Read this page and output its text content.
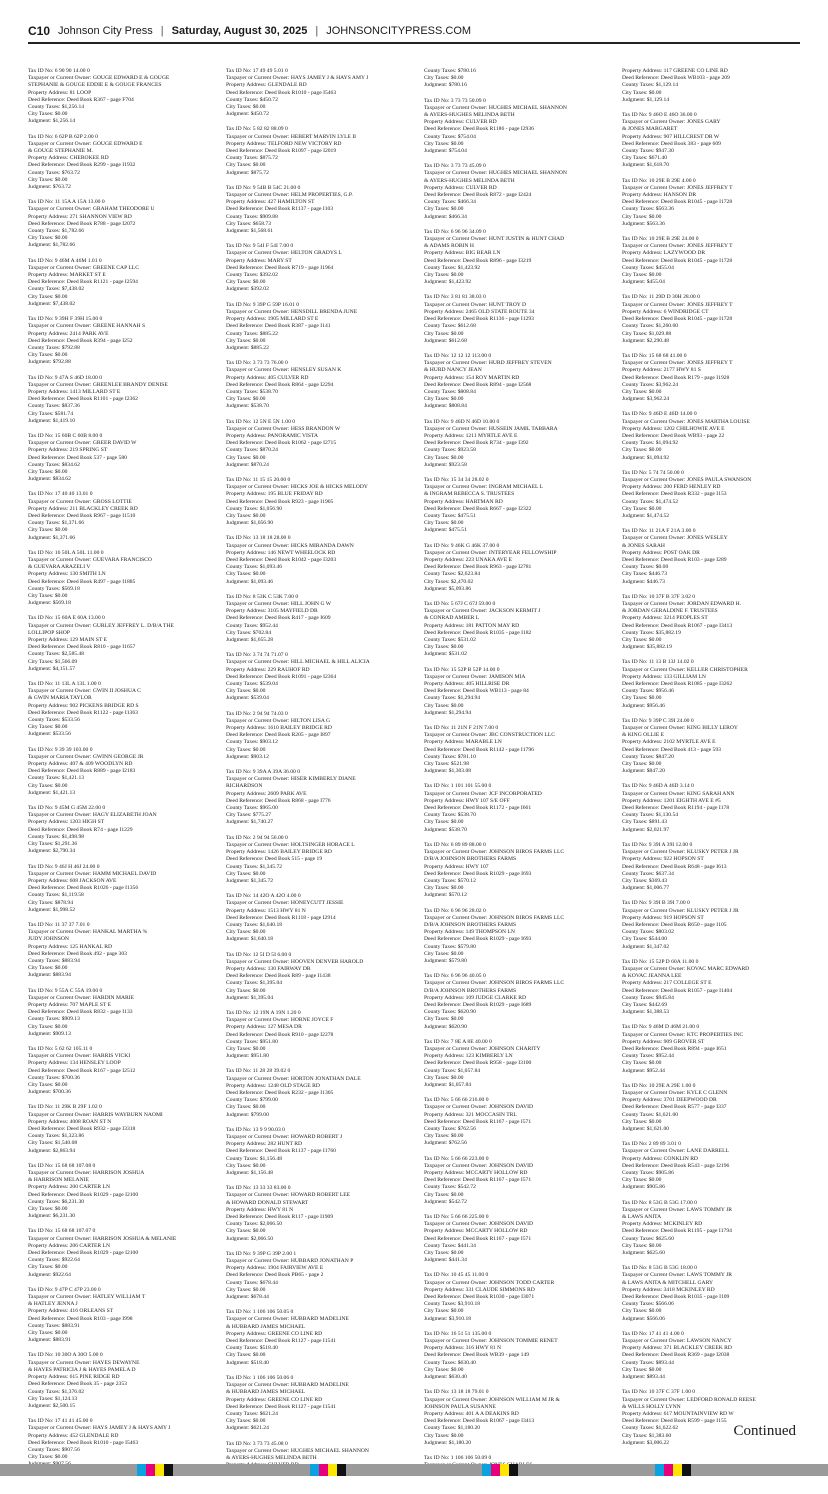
C10 Johnson City Press | Saturday, August 30, 2025 | JOHNSONCITYPRESS.COM
Tax ID No: 6 90 90 14.00 0
Taxpayer or Current Owner: GOUGE EDWARD E & GOUGE
STEPHANIE & GOUGE EDDIE E & GOUGE FRANCES
Property Address: 81 LOOP
Deed Reference: Deed Book R367 - page F704
County Taxes: $1,256.14
City Taxes: $0.00
Judgment: $1,256.14
Tax ID No: 6 62P B 62P 2.00 0
Taxpayer or Current Owner: GOUGE EDWARD E
& GOUGE STEPHANIE M.
Property Address: CHEROKEE RD
Deed Reference: Deed Book R299 - page I1932
County Taxes: $763.72
City Taxes: $0.00
Judgment: $763.72
Tax ID No: 11 15A A 15A 13.00 0
Taxpayer or Current Owner: GRAHAM THEODORE U
Property Address: 271 SHANNON VIEW RD
Deed Reference: Deed Book R788 - page I2072
County Taxes: $1,782.66
City Taxes: $0.00
Judgment: $1,782.66
Tax ID No: 9 46M A 46M 1.01 0
Taxpayer or Current Owner: GREENE CAP LLC
Property Address: MARKET ST E
Deed Reference: Deed Book R1121 - page I2594
County Taxes: $7,438.02
City Taxes: $0.00
Judgment: $7,438.02
Tax ID No: 9 39H F 39H 15.00 0
Taxpayer or Current Owner: GREENE HANNAH S
Property Address: 2414 PARK AVE
Deed Reference: Deed Book R394 - page I252
County Taxes: $792.88
City Taxes: $0.00
Judgment: $792.88
Tax ID No: 9 47A S 46D 18.00 0
Taxpayer or Current Owner: GREENLEE BRANDY DENISE
Property Address: 1413 MILLARD ST E
Deed Reference: Deed Book R1101 - page I2362
County Taxes: $837.36
City Taxes: $581.74
Judgment: $1,419.10
Tax ID No: 15 60B C 60B 8.00 0
Taxpayer or Current Owner: GREER DAVID W
Property Address: 219 SPRING ST
Deed Reference: Deed Book 537 - page 580
County Taxes: $834.62
City Taxes: $0.00
Judgment: $834.62
Tax ID No: 17 40 40 13.01 0
Taxpayer or Current Owner: GROSS LOTTIE
Property Address: 211 BLACKLEY CREEK RD
Deed Reference: Deed Book R967 - page I1510
County Taxes: $1,371.66
City Taxes: $0.00
Judgment: $1,371.66
Tax ID No: 16 50L A 50L 11.00 0
Taxpayer or Current Owner: GUEVARA FRANCISCO
& GUEVARA ARAZELI V
Property Address: 130 SMITH LN
Deed Reference: Deed Book R497 - page I1885
County Taxes: $569.18
City Taxes: $0.00
Judgment: $569.18
Tax ID No: 15 60A E 60A 13.00 0
Taxpayer or Current Owner: GURLEY JEFFREY L. D/B/A THE
LOLLIPOP SHOP
Property Address: 129 MAIN ST E
Deed Reference: Deed Book R810 - page I1657
County Taxes: $2,585.48
City Taxes: $1,566.09
Judgment: $4,151.57
Tax ID No: 11 13L A 13L 1.00 0
Taxpayer or Current Owner: GWIN II JOSHUA C
& GWIN MARIA TAYLOR
Property Address: 902 PICKENS BRIDGE RD S
Deed Reference: Deed Book R1122 - page I1363
County Taxes: $533.56
City Taxes: $0.00
Judgment: $533.56
Tax ID No: 9 39 39 103.00 0
Taxpayer or Current Owner: GWINN GEORGE JR
Property Address: 407 & 409 WOODLYN RD
Deed Reference: Deed Book R889 - page I2183
County Taxes: $1,421.13
City Taxes: $0.00
Judgment: $1,421.13
Tax ID No: 9 45M G 45M 22.00 0
Taxpayer or Current Owner: HAGY ELIZABETH JOAN
Property Address: 1203 HIGH ST
Deed Reference: Deed Book R74 - page I1229
County Taxes: $1,498.98
City Taxes: $1,291.36
Judgment: $2,790.34
Tax ID No: 9 46J H 46J 24.00 0
Taxpayer or Current Owner: HAMM MICHAEL DAVID
Property Address: 608 JACKSON AVE
Deed Reference: Deed Book R1026 - page I1356
County Taxes: $1,119.58
City Taxes: $878.94
Judgment: $1,998.52
Tax ID No: 11 37 37 7.01 0
Taxpayer or Current Owner: HANKAL MARTHA %
JUDY JOHNSON
Property Address: 125 HANKAL RD
Deed Reference: Deed Book 492 - page 303
County Taxes: $883.94
City Taxes: $0.00
Judgment: $883.94
Tax ID No: 9 55A C 55A 19.00 0
Taxpayer or Current Owner: HARDIN MARIE
Property Address: 707 MAPLE ST E
Deed Reference: Deed Book R832 - page I133
County Taxes: $909.13
City Taxes: $0.00
Judgment: $909.13
Tax ID No: 5 62 62 105.11 0
Taxpayer or Current Owner: HARRIS VICKI
Property Address: 134 HENSLEY LOOP
Deed Reference: Deed Book R167 - page I2512
County Taxes: $700.36
City Taxes: $0.00
Judgment: $700.36
Tax ID No: 11 29K B 29F 1.02 0
Taxpayer or Current Owner: HARRIS WAYBURN NAOMI
Property Address: 4008 ROAN ST N
Deed Reference: Deed Book R932 - page I3318
County Taxes: $1,323.86
City Taxes: $1,540.08
Judgment: $2,863.94
Tax ID No: 15 68 68 107.08 0
Taxpayer or Current Owner: HARRISON JOSHUA
& HARRISON MELANIE
Property Address: 200 CARTER LN
Deed Reference: Deed Book R1029 - page I2100
County Taxes: $6,231.30
City Taxes: $0.00
Judgment: $6,231.30
Tax ID No: 15 68 68 107.07 0
Taxpayer or Current Owner: HARRISON JOSHUA & MELANIE
Property Address: 206 CARTER LN
Deed Reference: Deed Book R1029 - page I2100
County Taxes: $922.64
City Taxes: $0.00
Judgment: $922.64
Tax ID No: 9 47P C 47P 23.00 0
Taxpayer or Current Owner: HATLEY WILLIAM T
& HATLEY JENNA J
Property Address: 416 ORLEANS ST
Deed Reference: Deed Book R103 - page I998
County Taxes: $883.91
City Taxes: $0.00
Judgment: $883.91
Tax ID No: 10 30O A 30O 5.00 0
Taxpayer or Current Owner: HAYES DEWAYNE
& HAYES PATRICIA J & HAYES PAMELA D
Property Address: 615 PINE RIDGE RD
Deed Reference: Deed Book 35 - page 2353
County Taxes: $1,376.02
City Taxes: $1,124.13
Judgment: $2,500.15
Tax ID No: 17 41 41 45.00 0
Taxpayer or Current Owner: HAYS JAMEY J & HAYS AMY J
Property Address: 452 GLENDALE RD
Deed Reference: Deed Book R1010 - page I5463
County Taxes: $907.56
City Taxes: $0.00
Tax ID No: 17 49 49 5.01 0
Taxpayer or Current Owner: HAYS JAMEY J & HAYS AMY J
Property Address: GLENDALE RD
Deed Reference: Deed Book R1010 - page I5463
County Taxes: $450.72
City Taxes: $0.00
Judgment: $450.72
Tax ID No: 5 82 82 88.09 0
Taxpayer or Current Owner: HEBERT MARVIN LYLE II
Property Address: TELFORD NEW VICTORY RD
Deed Reference: Deed Book R1097 - page I2019
County Taxes: $875.72
City Taxes: $0.00
Judgment: $875.72
Tax ID No: 9 54B B 54C 21.00 0
Taxpayer or Current Owner: HELM PROPERTIES, G.P.
Property Address: 427 HAMILTON ST
Deed Reference: Deed Book R1137 - page I103
County Taxes: $909.88
City Taxes: $658.73
Judgment: $1,568.61
Tax ID No: 9 54I F 54I 7.00 0
Taxpayer or Current Owner: HELTON GRADYS L
Property Address: MARY ST
Deed Reference: Deed Book R719 - page I1964
County Taxes: $392.02
City Taxes: $0.00
Judgment: $392.02
Tax ID No: 9 39P G 59P 16.01 0
Taxpayer or Current Owner: HENSDILL BRENDA JUNE
Property Address: 1905 MILLARD ST E
Deed Reference: Deed Book R387 - page I141
County Taxes: $885.22
City Taxes: $0.00
Judgment: $885.22
Tax ID No: 3 73 73 76.00 0
Taxpayer or Current Owner: HENSLEY SUSAN K
Property Address: 405 CULVER RD
Deed Reference: Deed Book R864 - page I2294
County Taxes: $538.70
City Taxes: $0.00
Judgment: $538.70
Tax ID No: 12 5N E 5N 1.00 0
Taxpayer or Current Owner: HESS BRANDON W
Property Address: PANORAMIC VISTA
Deed Reference: Deed Book R1062 - page I2715
County Taxes: $870.24
City Taxes: $0.00
Judgment: $870.24
Tax ID No: 11 15 15 20.00 0
Taxpayer or Current Owner: HICKS JOE & HICKS MELODY
Property Address: 195 BLUE FRIDAY RD
Deed Reference: Deed Book R923 - page I1905
County Taxes: $1,056.90
City Taxes: $0.00
Judgment: $1,056.90
Tax ID No: 13 18 18 28.00 0
Taxpayer or Current Owner: HICKS MIRANDA DAWN
Property Address: 146 NEWT WHEELOCK RD
Deed Reference: Deed Book R1042 - page I3203
County Taxes: $1,093.46
City Taxes: $0.00
Judgment: $1,093.46
Tax ID No: 8 53K C 53K 7.00 0
Taxpayer or Current Owner: HILL JOHN G W
Property Address: 3105 MAYFIELD DR
Deed Reference: Deed Book R417 - page I609
County Taxes: $952.44
City Taxes: $702.84
Judgment: $1,655.28
Tax ID No: 3 74 74 71.07 0
Taxpayer or Current Owner: HILL MICHAEL & HILL ALICIA
Property Address: 229 RAUHOF RD
Deed Reference: Deed Book R1091 - page I2364
County Taxes: $539.04
City Taxes: $0.00
Judgment: $539.04
Tax ID No: 2 94 94 74.03 0
Taxpayer or Current Owner: HILTON LISA G
Property Address: 1610 BAILEY BRIDGE RD
Deed Reference: Deed Book R205 - page I897
County Taxes: $903.12
City Taxes: $0.00
Judgment: $903.12
Tax ID No: 9 39A A 39A 36.00 0
Taxpayer or Current Owner: HISER KIMBERLY DIANE
RICHARDSON
Property Address: 2609 PARK AVE
Deed Reference: Deed Book R868 - page I776
County Taxes: $965.00
City Taxes: $775.27
Judgment: $1,740.27
Tax ID No: 2 94 94 56.00 0
Taxpayer or Current Owner: HOLTSINGER HORACE L
Property Address: 1426 BAILEY BRIDGE RD
Deed Reference: Deed Book 515 - page 19
County Taxes: $1,345.72
City Taxes: $0.00
Judgment: $1,345.72
Tax ID No: 14 42O A 42O 4.00 0
Taxpayer or Current Owner: HONEYCUTT JESSIE
Property Address: 1513 HWY 81 N
Deed Reference: Deed Book R1118 - page I2914
County Taxes: $1,640.18
City Taxes: $0.00
Judgment: $1,640.18
Tax ID No: 12 5I D 5I 6.00 0
Taxpayer or Current Owner: HOOVEN DENVER HAROLD
Property Address: 130 FAIRWAY DR
Deed Reference: Deed Book R89 - page I1438
County Taxes: $1,395.04
City Taxes: $0.00
Judgment: $1,395.04
Tax ID No: 12 19N A 19N 1.20 0
Taxpayer or Current Owner: HORNE JOYCE F
Property Address: 127 MESA DR
Deed Reference: Deed Book R910 - page I2278
County Taxes: $951.80
City Taxes: $0.00
Judgment: $951.80
Tax ID No: 11 28 28 39.02 0
Taxpayer or Current Owner: HORTON JONATHAN DALE
Property Address: 1248 OLD STAGE RD
Deed Reference: Deed Book R232 - page I1305
County Taxes: $799.00
City Taxes: $0.00
Judgment: $799.00
Tax ID No: 13 9 9 90.03 0
Taxpayer or Current Owner: HOWARD ROBERT J
Property Address: 282 HUNT RD
Deed Reference: Deed Book R1137 - page I1760
County Taxes: $1,156.48
City Taxes: $0.00
Judgment: $1,156.48
Tax ID No: 13 33 33 83.00 0
Taxpayer or Current Owner: HOWARD ROBERT LEE
& HOWARD DONALD STEWART
Property Address: HWY 81 N
Deed Reference: Deed Book R117 - page I1909
County Taxes: $2,066.50
City Taxes: $0.00
Judgment: $2,066.50
Tax ID No: 9 39P G 39P 2.00 1
Taxpayer or Current Owner: HUBBARD JONATHAN P
Property Address: 1904 FAIRVIEW AVE E
Deed Reference: Deed Book PB65 - page 2
County Taxes: $678.44
City Taxes: $0.00
Judgment: $678.44
Tax ID No: 1 106 106 50.05 0
Taxpayer or Current Owner: HUBBARD MADELINE
& HUBBARD JAMES MICHAEL
Property Address: GREENE CO LINE RD
Deed Reference: Deed Book R1127 - page I1541
County Taxes: $518.40
City Taxes: $0.00
Judgment: $518.40
Tax ID No: 1 106 106 50.06 0
Taxpayer or Current Owner: HUBBARD MADELINE
& HUBBARD JAMES MICHAEL
Property Address: GREENE CO LINE RD
Deed Reference: Deed Book R1127 - page I1541
County Taxes: $621.24
City Taxes: $0.00
Judgment: $621.24
Tax ID No: 3 73 73 45.08 0
Taxpayer or Current Owner: HUGHES MICHAEL SHANNON
& AYERS-HUGHES MELINDA BETH
County Taxes: $780.16
City Taxes: $0.00
Judgment: $780.16
Tax ID No: 3 73 73 50.09 0
Taxpayer or Current Owner: HUGHES MICHAEL SHANNON
& AYERS-HUGHES MELINDA BETH
Property Address: CULVER RD
Deed Reference: Deed Book R1186 - page I2936
County Taxes: $754.04
City Taxes: $0.00
Judgment: $754.04
Tax ID No: 3 73 73 45.09 0
Taxpayer or Current Owner: HUGHES MICHAEL SHANNON
& AYERS-HUGHES MELINDA BETH
Property Address: CULVER RD
Deed Reference: Deed Book R872 - page I2424
County Taxes: $466.34
City Taxes: $0.00
Judgment: $466.34
Tax ID No: 6 96 96 34.09 0
Taxpayer or Current Owner: HUNT JUSTIN & HUNT CHAD
& ADAMS ROBIN H
Property Address: BIG BEAR LN
Deed Reference: Deed Book R896 - page I3219
County Taxes: $1,423.92
City Taxes: $0.00
Judgment: $1,423.92
Tax ID No: 3 81 81 38.03 0
Taxpayer or Current Owner: HUNT TROY D
Property Address: 2465 OLD STATE ROUTE 34
Deed Reference: Deed Book R1136 - page I1293
County Taxes: $612.68
City Taxes: $0.00
Judgment: $612.68
Tax ID No: 12 12 12 113.00 0
Taxpayer or Current Owner: HURD JEFFREY STEVEN
& HURD NANCY JEAN
Property Address: 154 ROY MARTIN RD
Deed Reference: Deed Book R894 - page I2568
County Taxes: $808.84
City Taxes: $0.00
Judgment: $808.84
Tax ID No: 9 46D N 46D 10.00 0
Taxpayer or Current Owner: HUSSEIN JAMIL TABBARA
Property Address: 1211 MYRTLE AVE E
Deed Reference: Deed Book R734 - page I392
County Taxes: $923.58
City Taxes: $0.00
Judgment: $923.58
Tax ID No: 15 34 34 28.02 0
Taxpayer or Current Owner: INGRAM MICHAEL L
& INGRAM REBECCA S. TRUSTEES
Property Address: HARTMAN RD
Deed Reference: Deed Book R667 - page I2322
County Taxes: $475.51
City Taxes: $0.00
Judgment: $475.51
Tax ID No: 9 46K G 46K 37.00 0
Taxpayer or Current Owner: INTERYEAR FELLOWSHIP
Property Address: 223 UNAKA AVE E
Deed Reference: Deed Book R963 - page I2781
County Taxes: $2,623.84
City Taxes: $2,470.02
Judgment: $5,093.86
Tax ID No: 5 67J C 67J 59.00 0
Taxpayer or Current Owner: JACKSON KERMIT J
& CONRAD AMBER L
Property Address: 181 PATTON MAY RD
Deed Reference: Deed Book R1035 - page I182
County Taxes: $531.02
City Taxes: $0.00
Judgment: $531.02
Tax ID No: 15 52P B 52P 14.00 0
Taxpayer or Current Owner: JAMISON MIA
Property Address: 405 HILLRISE DR
Deed Reference: Deed Book WB113 - page 84
County Taxes: $1,294.94
City Taxes: $0.00
Judgment: $1,294.94
Tax ID No: 11 21N F 21N 7.00 0
Taxpayer or Current Owner: JBC CONSTRUCTION LLC
Property Address: MARABLE LN
Deed Reference: Deed Book R1142 - page I1796
County Taxes: $781.10
City Taxes: $521.98
Judgment: $1,303.08
Tax ID No: 1 101 101 55.00 0
Taxpayer or Current Owner: JCF INCORPORATED
Property Address: HWY 107 S/E OFF
Deed Reference: Deed Book R1172 - page I661
County Taxes: $538.70
City Taxes: $0.00
Judgment: $538.70
Tax ID No: 6 89 89 88.00 0
Taxpayer or Current Owner: JOHNSON BIROS FARMS LLC
D/B/A JOHNSON BROTHERS FARMS
Property Address: HWY 107
Deed Reference: Deed Book R1029 - page I693
County Taxes: $570.12
City Taxes: $0.00
Judgment: $570.12
Tax ID No: 6 96 96 28.02 0
Taxpayer or Current Owner: JOHNSON BIROS FARMS LLC
D/B/A JOHNSON BROTHERS FARMS
Property Address: 149 THOMPSON LN
Deed Reference: Deed Book R1029 - page I693
County Taxes: $579.80
City Taxes: $0.00
Judgment: $579.80
Tax ID No: 6 96 96 40.05 0
Taxpayer or Current Owner: JOHNSON BIROS FARMS LLC
D/B/A JOHNSON BROTHERS FARMS
Property Address: 109 JUDGE CLARKE RD
Deed Reference: Deed Book R1029 - page I689
County Taxes: $620.90
City Taxes: $0.00
Judgment: $620.90
Tax ID No: 7 8E A 8E 40.00 0
Taxpayer or Current Owner: JOHNSON CHARITY
Property Address: 123 KIMBERLY LN
Deed Reference: Deed Book R958 - page I3100
County Taxes: $1,057.84
City Taxes: $0.00
Judgment: $1,057.84
Tax ID No: 5 66 66 216.00 0
Taxpayer or Current Owner: JOHNSON DAVID
Property Address: 321 MOCCASIN TRL
Deed Reference: Deed Book R1167 - page I571
County Taxes: $762.56
City Taxes: $0.00
Judgment: $762.56
Tax ID No: 5 66 66 223.00 0
Taxpayer or Current Owner: JOHNSON DAVID
Property Address: MCCARTY HOLLOW RD
Deed Reference: Deed Book R1167 - page I571
County Taxes: $542.72
City Taxes: $0.00
Judgment: $542.72
Tax ID No: 5 66 66 225.00 0
Taxpayer or Current Owner: JOHNSON DAVID
Property Address: MCCARTY HOLLOW RD
Deed Reference: Deed Book R1167 - page I571
County Taxes: $441.34
City Taxes: $0.00
Judgment: $441.34
Tax ID No: 10 45 45 11.00 0
Taxpayer or Current Owner: JOHNSON TODD CARTER
Property Address: 331 CLAUDE SIMMONS RD
Deed Reference: Deed Book R1030 - page I3071
County Taxes: $3,910.18
City Taxes: $0.00
Judgment: $3,910.18
Tax ID No: 16 51 51 135.00 0
Taxpayer or Current Owner: JOHNSON TOMMIE RENET
Property Address: 316 HWY 81 N
Deed Reference: Deed Book WB39 - page 149
County Taxes: $630.40
City Taxes: $0.00
Judgment: $630.40
Tax ID No: 13 18 18 79.01 0
Taxpayer or Current Owner: JOHNSON WILLIAM M JR &
JOHNSON PAULA SUSANNE
Property Address: 401 A A DEAKINS RD
Deed Reference: Deed Book R1067 - page I3413
County Taxes: $1,180.20
City Taxes: $0.00
Judgment: $1,180.20
Tax ID No: 1 106 106 50.09 0
Property Address: 117 GREENE CO LINE RD
Deed Reference: Deed Book WB103 - page 209
County Taxes: $1,129.14
City Taxes: $0.00
Judgment: $1,129.14
Tax ID No: 9 46O E 46O 36.00 0
Taxpayer or Current Owner: JONES GARY
& JONES MARGARET
Property Address: 907 HILLCREST DR W
Deed Reference: Deed Book 383 - page 609
County Taxes: $947.30
City Taxes: $671.40
Judgment: $1,618.70
Tax ID No: 10 29E B 29E 4.00 0
Taxpayer or Current Owner: JONES JEFFREY T
Property Address: HANSON DR
Deed Reference: Deed Book R1045 - page I1728
County Taxes: $563.36
City Taxes: $0.00
Judgment: $563.36
Tax ID No: 10 29E B 29E 24.00 0
Taxpayer or Current Owner: JONES JEFFREY T
Property Address: LAZYWOOD DR
Deed Reference: Deed Book R1045 - page I1728
County Taxes: $455.04
City Taxes: $0.00
Judgment: $455.04
Tax ID No: 11 29D D 30H 28.00 0
Taxpayer or Current Owner: JONES JEFFREY T
Property Address: 6 WINDRIDGE CT
Deed Reference: Deed Book R1045 - page I1728
County Taxes: $1,260.60
City Taxes: $1,029.88
Judgment: $2,290.48
Tax ID No: 15 68 68 41.00 0
Taxpayer or Current Owner: JONES JEFFREY T
Property Address: 2177 HWY 81 S
Deed Reference: Deed Book R179 - page I1928
County Taxes: $3,962.24
City Taxes: $0.00
Judgment: $3,962.24
Tax ID No: 9 46D E 46D 14.00 0
Taxpayer or Current Owner: JONES MARTHA LOUISE
Property Address: 1202 CHILHOWIE AVE E
Deed Reference: Deed Book WB93 - page 22
County Taxes: $1,094.92
City Taxes: $0.00
Judgment: $1,094.92
Tax ID No: 5 74 74 50.00 0
Taxpayer or Current Owner: JONES PAULA SWANSON
Property Address: 200 FERD HENLEY RD
Deed Reference: Deed Book R332 - page I153
County Taxes: $1,474.52
City Taxes: $0.00
Judgment: $1,474.52
Tax ID No: 11 21A F 21A 3.00 0
Taxpayer or Current Owner: JONES WESLEY
& JONES SARAH
Property Address: POST OAK DR
Deed Reference: Deed Book R103 - page I289
County Taxes: $0.00
City Taxes: $446.73
Judgment: $446.73
Tax ID No: 10 37F B 37F 3.02 0
Taxpayer or Current Owner: JORDAN EDWARD H.
& JORDAN GERALDINE F. TRUSTEES
Property Address: 3214 PEOPLES ST
Deed Reference: Deed Book R1067 - page I3413
County Taxes: $35,882.19
City Taxes: $0.00
Judgment: $35,882.19
Tax ID No: 11 13 B 13J 14.02 0
Taxpayer or Current Owner: KELLER CHRISTOPHER
Property Address: 133 GILLIAM LN
Deed Reference: Deed Book R1085 - page I3262
County Taxes: $956.46
City Taxes: $0.00
Judgment: $956.46
Tax ID No: 9 39P C 39I 24.00 0
Taxpayer or Current Owner: KING BILLY LEROY
& KING OLLIE E
Property Address: 2102 MYRTLE AVE E
Deed Reference: Deed Book 413 - page 593
County Taxes: $847.20
City Taxes: $0.00
Judgment: $847.20
Tax ID No: 9 46D A 46D 3.14 0
Taxpayer or Current Owner: KING SARAH ANN
Property Address: 1201 EIGHTH AVE E #5
Deed Reference: Deed Book R1194 - page I178
County Taxes: $1,130.54
City Taxes: $891.43
Judgment: $2,021.97
Tax ID No: 9 39I A 39I 12.00 0
Taxpayer or Current Owner: KLUSKY PETER J JR
Property Address: 922 HOPSON ST
Deed Reference: Deed Book R648 - page I613
County Taxes: $637.34
City Taxes: $369.43
Judgment: $1,006.77
Tax ID No: 9 39I B 39I 7.00 0
Taxpayer or Current Owner: KLUSKY PETER J JR
Property Address: 919 HOPSON ST
Deed Reference: Deed Book R650 - page I105
County Taxes: $803.02
City Taxes: $544.00
Judgment: $1,347.02
Tax ID No: 15 52P D 60A 11.00 0
Taxpayer or Current Owner: KOVAC MARC EDWARD
& KOVAC JEANNA LEE
Property Address: 217 COLLEGE ST E
Deed Reference: Deed Book R1057 - page I1404
County Taxes: $945.84
City Taxes: $442.69
Judgment: $1,388.53
Tax ID No: 9 46M D 46M 21.00 0
Taxpayer or Current Owner: KTC PROPERTIES INC
Property Address: 909 GROVER ST
Deed Reference: Deed Book R894 - page I651
County Taxes: $952.44
City Taxes: $0.00
Judgment: $952.44
Tax ID No: 10 29E A 29E 1.00 0
Taxpayer or Current Owner: KYLE C GLENN
Property Address: 3701 DEEPWOOD DR
Deed Reference: Deed Book R577 - page I337
County Taxes: $1,621.00
City Taxes: $0.00
Judgment: $1,621.00
Tax ID No: 2 89 89 3.01 0
Taxpayer or Current Owner: LANE DARRELL
Property Address: CONKLIN RD
Deed Reference: Deed Book R543 - page I2196
County Taxes: $905.86
City Taxes: $0.00
Judgment: $905.86
Tax ID No: 8 53G B 53G 17.00 0
Taxpayer or Current Owner: LAWS TOMMY JR
& LAWS ANITA
Property Address: MCKINLEY RD
Deed Reference: Deed Book R1195 - page I1794
County Taxes: $625.60
City Taxes: $0.00
Judgment: $625.60
Tax ID No: 8 53G B 53G 18.00 0
Taxpayer or Current Owner: LAWS TOMMY JR
& LAWS ANITA & MITCHELL GARY
Property Address: 3418 MCKINLEY RD
Deed Reference: Deed Book R1035 - page I109
County Taxes: $566.06
City Taxes: $0.00
Judgment: $566.06
Tax ID No: 17 41 41 4.00 0
Taxpayer or Current Owner: LAWSON NANCY
Property Address: 371 BLACKLEY CREEK RD
Deed Reference: Deed Book R369 - page I2038
County Taxes: $893.44
City Taxes: $0.00
Judgment: $893.44
Tax ID No: 10 37F C 37F 1.00 0
Taxpayer or Current Owner: LEDFORD RONALD REESE
& WILLS HOLLY LYNN
Property Address: 617 MOUNTAINVIEW RD W
Deed Reference: Deed Book R599 - page I155
County Taxes: $1,622.62
City Taxes: $1,383.60
Judgment: $3,006.22
Continued
